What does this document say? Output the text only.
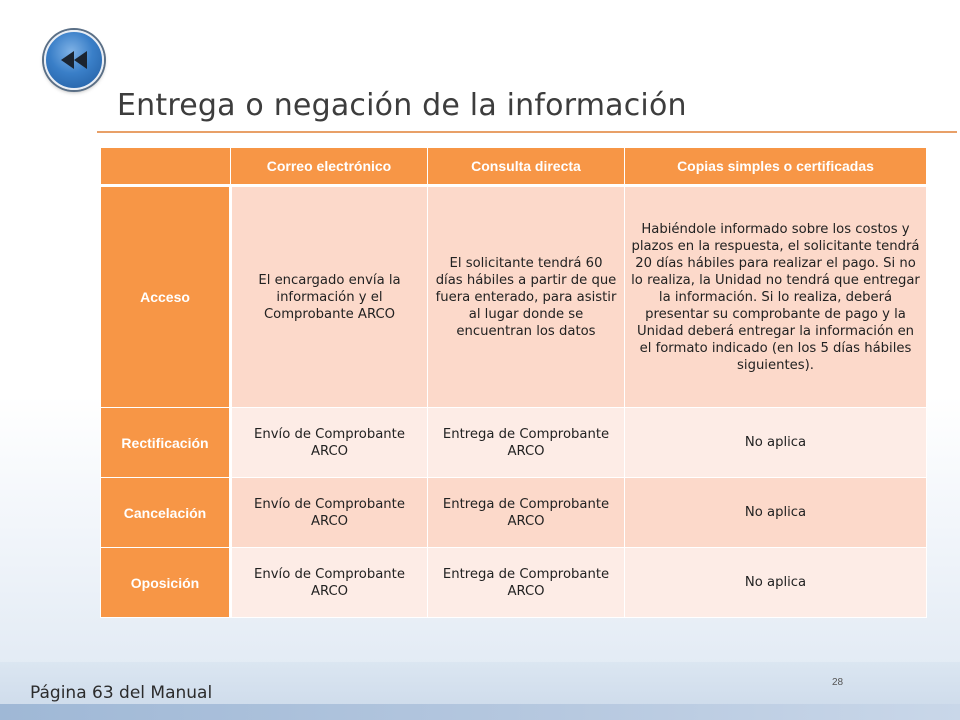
Entrega o negación de la información
	Correo electrónico	Consulta directa	Copias simples o certificadas
Acceso	El encargado envía la información y el Comprobante ARCO	El solicitante tendrá 60 días hábiles a partir de que fuera enterado, para asistir al lugar donde se encuentran los datos	Habiéndole informado sobre los costos y plazos en la respuesta, el solicitante tendrá 20 días hábiles para realizar el pago. Si no lo realiza, la Unidad no tendrá que entregar la información. Si lo realiza, deberá presentar su comprobante de pago y la Unidad deberá entregar la información en el formato indicado (en los 5 días hábiles siguientes).
Rectificación	Envío de Comprobante ARCO	Entrega de Comprobante ARCO	No aplica
Cancelación	Envío de Comprobante ARCO	Entrega de Comprobante ARCO	No aplica
Oposición	Envío de Comprobante ARCO	Entrega de Comprobante ARCO	No aplica
Página 63 del Manual
28
